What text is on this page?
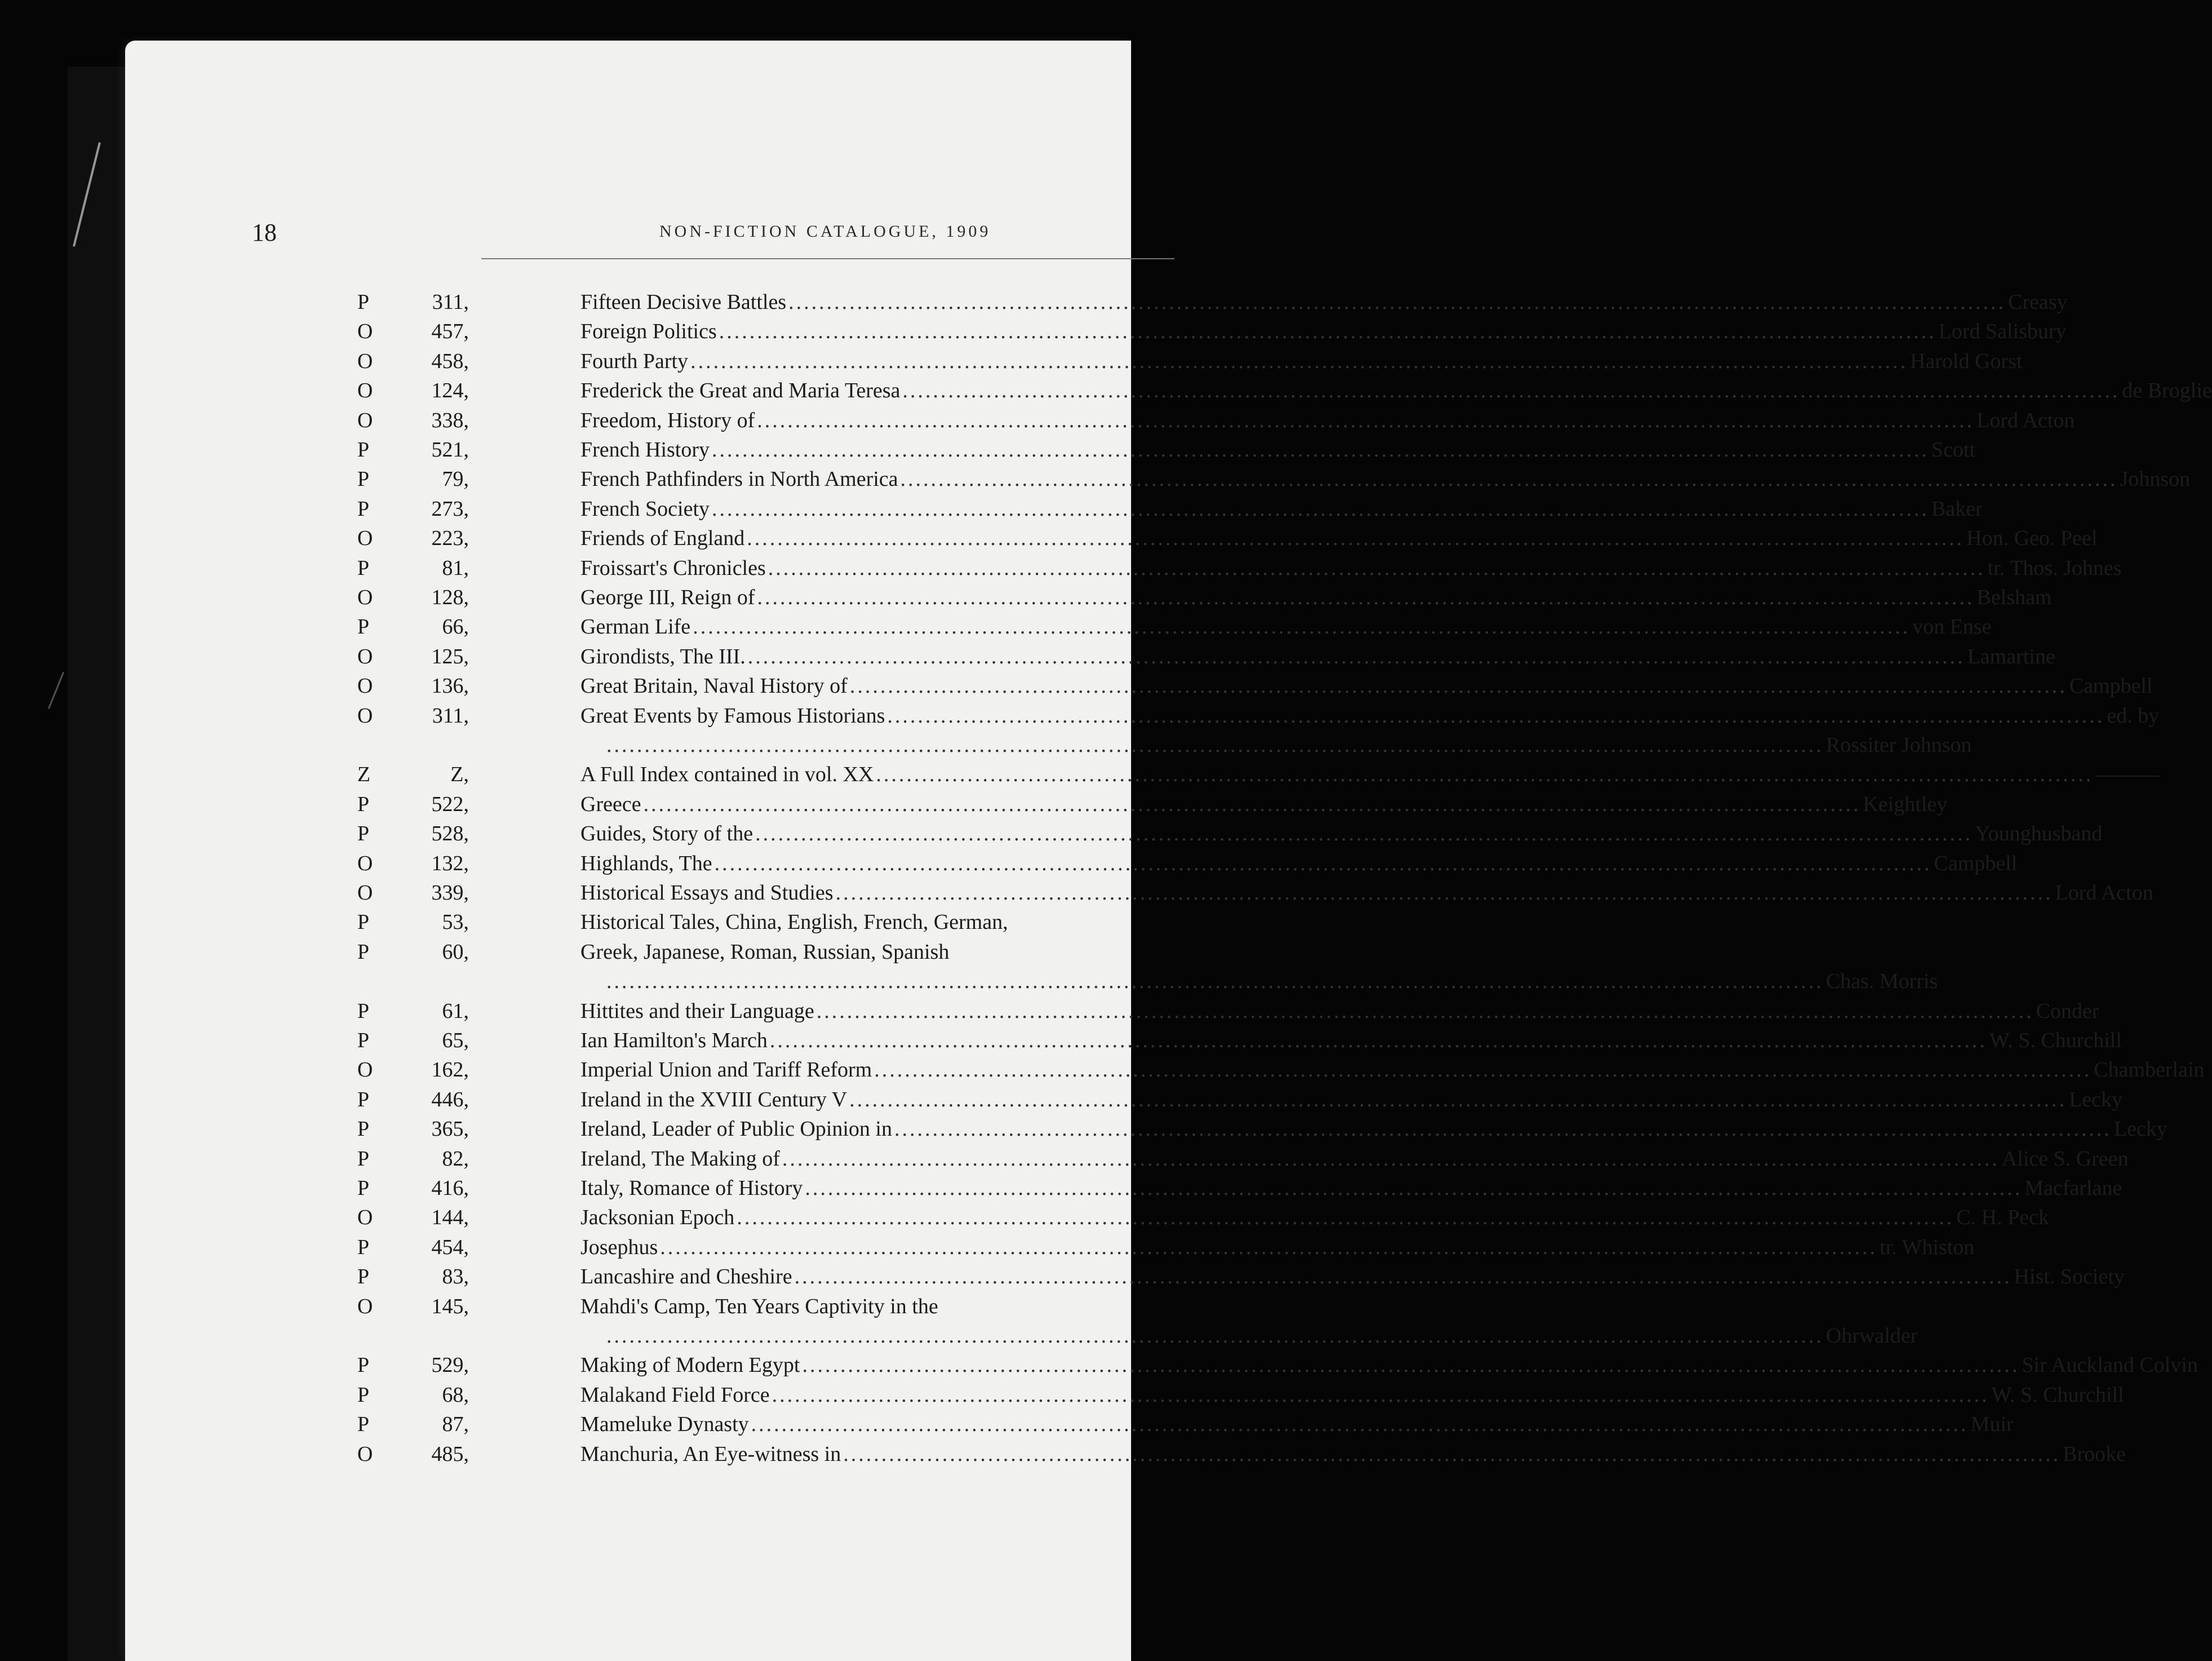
18	NON-FICTION CATALOGUE, 1909
P	311,	Fifteen Decisive Battles .....	Creasy
O	457,	Foreign Politics .....	Lord Salisbury
O	458,	Fourth Party .....	Harold Gorst
O	124,	Frederick the Great and Maria Teresa .....	de Broglie
O	338,	Freedom, History of .....	Lord Acton
P	521,	French History .....	Scott
P	79,	French Pathfinders in North America .....	Johnson
P	273,	French Society .....	Baker
O	223,	Friends of England .....	Hon. Geo. Peel
P	81,	Froissart's Chronicles .....	tr. Thos. Johnes
O	128,	George III, Reign of .....	Belsham
P	66,	German Life .....	von Ense
O	125,	Girondists, The III. .....	Lamartine
O	136,	Great Britain, Naval History of .....	Campbell
O	311,	Great Events by Famous Historians .....	ed. by
.....
Rossiter Johnson
Z	Z,	A Full Index contained in vol. XX .....	———
P	522,	Greece .....	Keightley
P	528,	Guides, Story of the .....	Younghusband
O	132,	Highlands, The .....	Campbell
O	339,	Historical Essays and Studies .....	Lord Acton
P	53,	Historical Tales, China, English, French, German,
P	60,	Greek, Japanese, Roman, Russian, Spanish
.....
Chas. Morris
P	61,	Hittites and their Language .....	Conder
P	65,	Ian Hamilton's March .....	W. S. Churchill
O	162,	Imperial Union and Tariff Reform .....	Chamberlain
P	446,	Ireland in the XVIII Century V .....	Lecky
P	365,	Ireland, Leader of Public Opinion in .....	Lecky
P	82,	Ireland, The Making of .....	Alice S. Green
P	416,	Italy, Romance of History .....	Macfarlane
O	144,	Jacksonian Epoch .....	C. H. Peck
P	454,	Josephus .....	tr. Whiston
P	83,	Lancashire and Cheshire .....	Hist. Society
O	145,	Mahdi's Camp, Ten Years Captivity in the
.....
Ohrwalder
P	529,	Making of Modern Egypt .....	Sir Auckland Colvin
P	68,	Malakand Field Force .....	W. S. Churchill
P	87,	Mameluke Dynasty .....	Muir
O	485,	Manchuria, An Eye-witness in .....	Brooke
